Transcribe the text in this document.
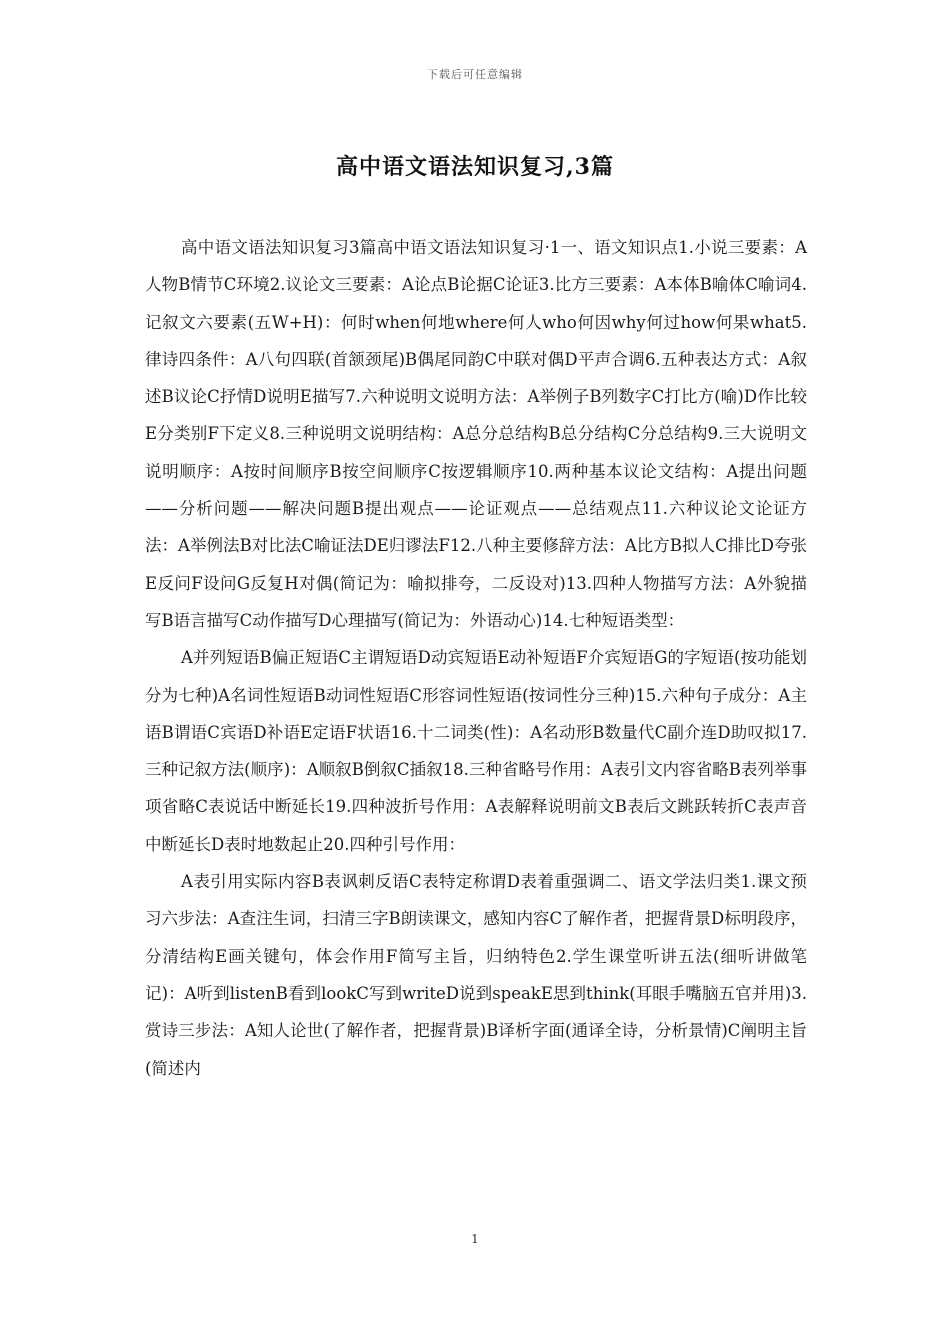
下载后可任意编辑
高中语文语法知识复习,3篇

高中语文语法知识复习3篇高中语文语法知识复习·1一、语文知识点1.小说三要素：A人物B情节C环境2.议论文三要素：A论点B论据C论证3.比方三要素：A本体B喻体C喻词4.记叙文六要素(五W+H)：何时when何地where何人who何因why何过how何果what5.律诗四条件：A八句四联(首颔颈尾)B偶尾同韵C中联对偶D平声合调6.五种表达方式：A叙述B议论C抒情D说明E描写7.六种说明文说明方法：A举例子B列数字C打比方(喻)D作比较E分类别F下定义8.三种说明文说明结构：A总分总结构B总分结构C分总结构9.三大说明文说明顺序：A按时间顺序B按空间顺序C按逻辑顺序10.两种基本议论文结构：A提出问题——分析问题——解决问题B提出观点——论证观点——总结观点11.六种议论文论证方法：A举例法B对比法C喻证法DE归谬法F12.八种主要修辞方法：A比方B拟人C排比D夸张E反问F设问G反复H对偶(简记为：喻拟排夸，二反设对)13.四种人物描写方法：A外貌描写B语言描写C动作描写D心理描写(简记为：外语动心)14.七种短语类型：

A并列短语B偏正短语C主谓短语D动宾短语E动补短语F介宾短语G的字短语(按功能划分为七种)A名词性短语B动词性短语C形容词性短语(按词性分三种)15.六种句子成分：A主语B谓语C宾语D补语E定语F状语16.十二词类(性)：A名动形B数量代C副介连D助叹拟17.三种记叙方法(顺序)：A顺叙B倒叙C插叙18.三种省略号作用：A表引文内容省略B表列举事项省略C表说话中断延长19.四种波折号作用：A表解释说明前文B表后文跳跃转折C表声音中断延长D表时地数起止20.四种引号作用：

A表引用实际内容B表讽刺反语C表特定称谓D表着重强调二、语文学法归类1.课文预习六步法：A查注生词，扫清三字B朗读课文，感知内容C了解作者，把握背景D标明段序，分清结构E画关键句，体会作用F简写主旨，归纳特色2.学生课堂听讲五法(细听讲做笔记)：A听到listenB看到lookC写到writeD说到speakE思到think(耳眼手嘴脑五官并用)3.赏诗三步法：A知人论世(了解作者，把握背景)B译析字面(通译全诗，分析景情)C阐明主旨(简述内

1
